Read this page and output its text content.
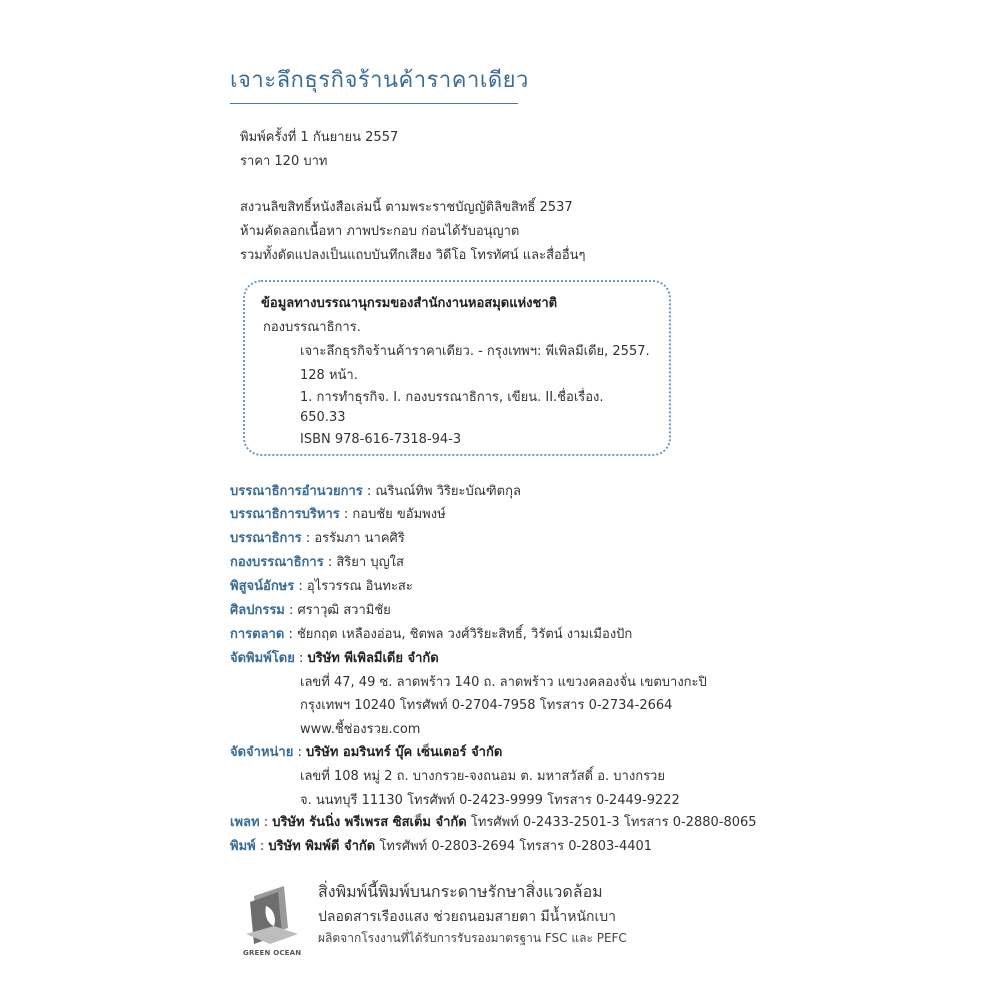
เจาะลึกธุรกิจร้านค้าราคาเดียว
พิมพ์ครั้งที่ 1 กันยายน 2557
ราคา 120 บาท
สงวนลิขสิทธิ์หนังสือเล่มนี้ ตามพระราชบัญญัติลิขสิทธิ์ 2537
ห้ามคัดลอกเนื้อหา ภาพประกอบ ก่อนได้รับอนุญาต
รวมทั้งดัดแปลงเป็นแถบบันทึกเสียง วิดีโอ โทรทัศน์ และสื่ออื่นๆ
ข้อมูลทางบรรณานุกรมของสำนักงานหอสมุดแห่งชาติ
กองบรรณาธิการ.
เจาะลึกธุรกิจร้านค้าราคาเดียว. - กรุงเทพฯ: พีเพิลมีเดีย, 2557.
128 หน้า.
1. การทำธุรกิจ. I. กองบรรณาธิการ, เขียน. II.ชื่อเรื่อง.
650.33
ISBN 978-616-7318-94-3
บรรณาธิการอำนวยการ : ณรินณ์ทิพ วิริยะบัณฑิตกุล
บรรณาธิการบริหาร : กอบชัย ขอัมพงษ์
บรรณาธิการ : อรรัมภา นาคศิริ
กองบรรณาธิการ : สิริยา บุญใส
พิสูจน์อักษร : อุไรวรรณ อินทะสะ
ศิลปกรรม : ศราวุฒิ สวามิชัย
การตลาด : ชัยกฤต เหลืองอ่อน, ชิตพล วงศ์วิริยะสิทธิ์, วิรัตน์ งามเมืองปัก
จัดพิมพ์โดย : บริษัท พีเพิลมีเดีย จำกัด
เลขที่ 47, 49 ซ. ลาดพร้าว 140 ถ. ลาดพร้าว แขวงคลองจั่น เขตบางกะปิ
กรุงเทพฯ 10240 โทรศัพท์ 0-2704-7958 โทรสาร 0-2734-2664
www.ชี้ช่องรวย.com
จัดจำหน่าย : บริษัท อมรินทร์ บุ๊ค เซ็นเตอร์ จำกัด
เลขที่ 108 หมู่ 2 ถ. บางกรวย-จงถนอม ต. มหาสวัสดิ์ อ. บางกรวย
จ. นนทบุรี 11130 โทรศัพท์ 0-2423-9999 โทรสาร 0-2449-9222
เพลท : บริษัท รันนิ่ง พรีเพรส ซิสเต็ม จำกัด โทรศัพท์ 0-2433-2501-3 โทรสาร 0-2880-8065
พิมพ์ : บริษัท พิมพ์ดี จำกัด โทรศัพท์ 0-2803-2694 โทรสาร 0-2803-4401
GREEN OCEAN
สิ่งพิมพ์นี้พิมพ์บนกระดาษรักษาสิ่งแวดล้อม
ปลอดสารเรืองแสง ช่วยถนอมสายตา มีน้ำหนักเบา
ผลิตจากโรงงานที่ได้รับการรับรองมาตรฐาน FSC และ PEFC
